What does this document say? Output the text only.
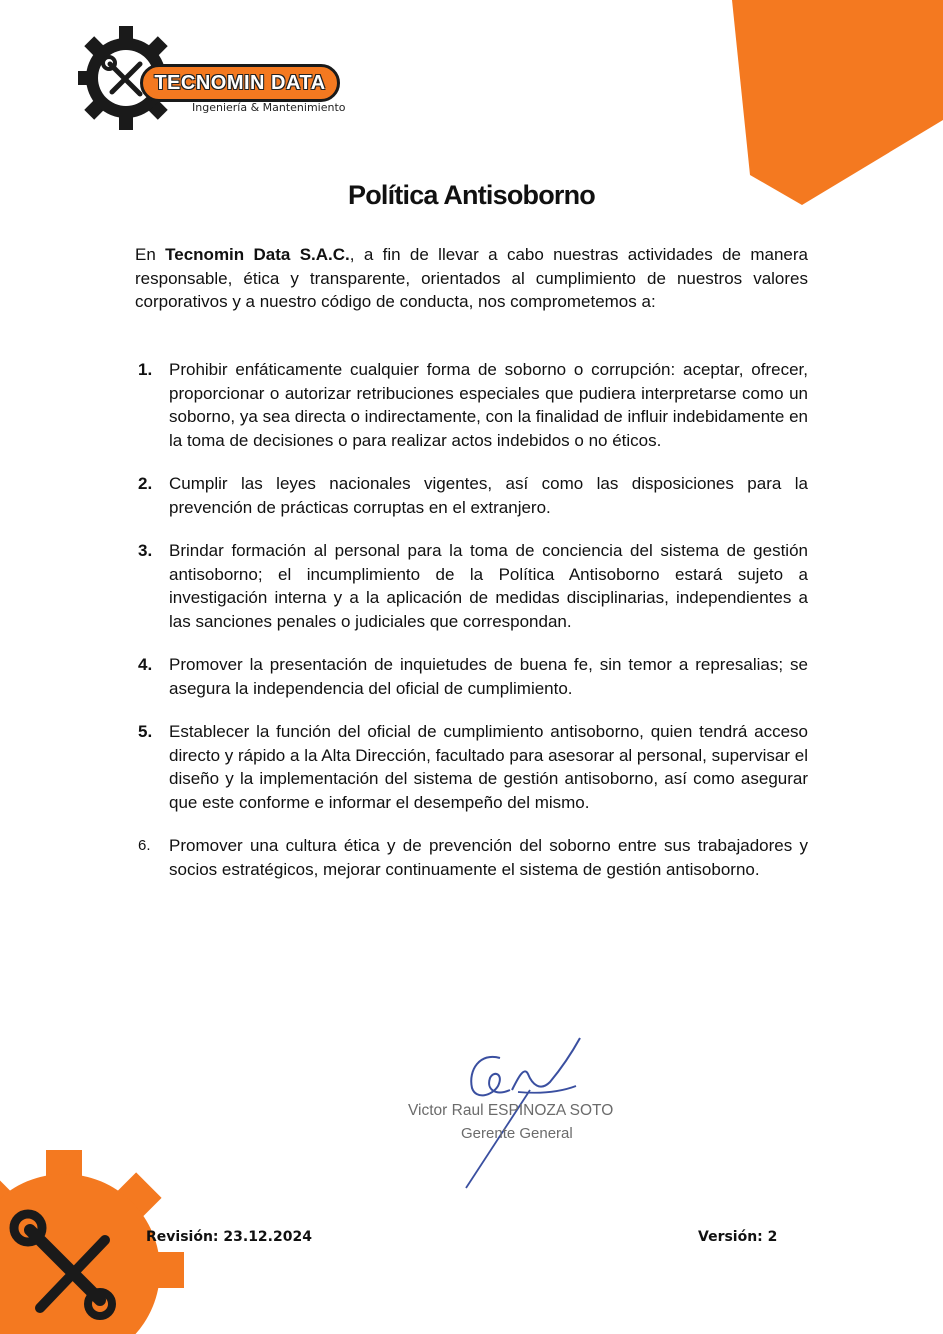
TECNOMIN DATA
Ingeniería & Mantenimiento
Política Antisoborno

En Tecnomin Data S.A.C., a fin de llevar a cabo nuestras actividades de manera responsable, ética y transparente, orientados al cumplimiento de nuestros valores corporativos y a nuestro código de conducta, nos comprometemos a:

1. Prohibir enfáticamente cualquier forma de soborno o corrupción: aceptar, ofrecer, proporcionar o autorizar retribuciones especiales que pudiera interpretarse como un soborno, ya sea directa o indirectamente, con la finalidad de influir indebidamente en la toma de decisiones o para realizar actos indebidos o no éticos.
2. Cumplir las leyes nacionales vigentes, así como las disposiciones para la prevención de prácticas corruptas en el extranjero.
3. Brindar formación al personal para la toma de conciencia del sistema de gestión antisoborno; el incumplimiento de la Política Antisoborno estará sujeto a investigación interna y a la aplicación de medidas disciplinarias, independientes a las sanciones penales o judiciales que correspondan.
4. Promover la presentación de inquietudes de buena fe, sin temor a represalias; se asegura la independencia del oficial de cumplimiento.
5. Establecer la función del oficial de cumplimiento antisoborno, quien tendrá acceso directo y rápido a la Alta Dirección, facultado para asesorar al personal, supervisar el diseño y la implementación del sistema de gestión antisoborno, así como asegurar que este conforme e informar el desempeño del mismo.
6. Promover una cultura ética y de prevención del soborno entre sus trabajadores y socios estratégicos, mejorar continuamente el sistema de gestión antisoborno.
Victor Raul ESPINOZA SOTO
Gerente General
Revisión: 23.12.2024	Versión: 2
